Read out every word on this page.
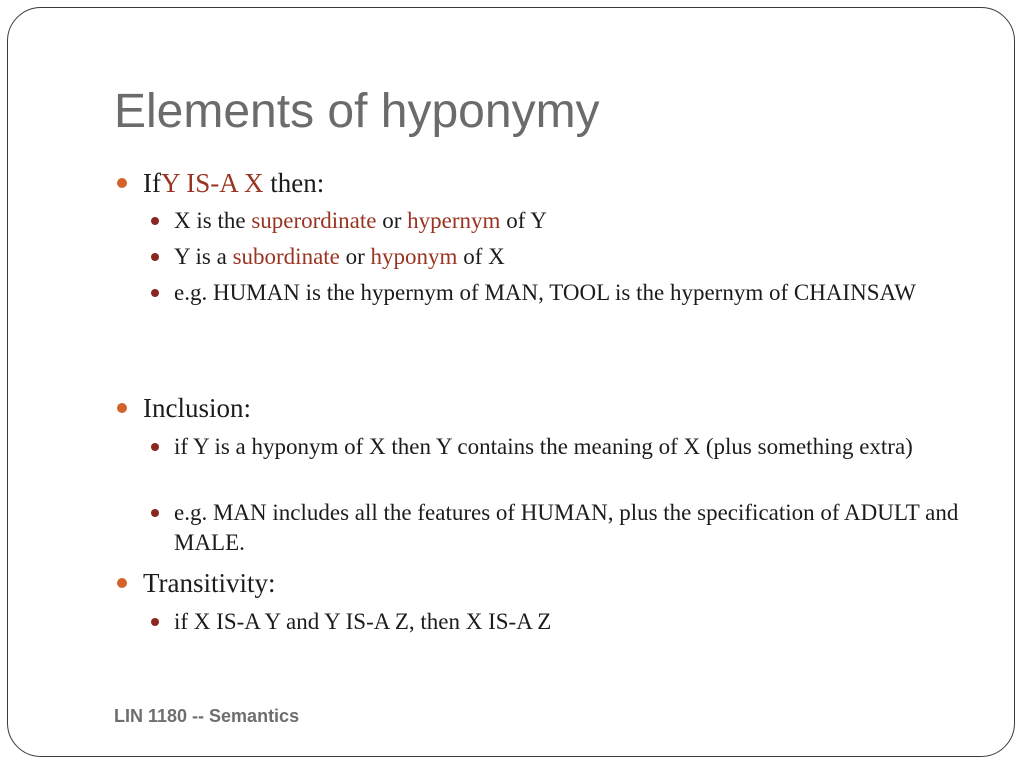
Elements of hyponymy
IfY IS-A X then:
X is the superordinate or hypernym of Y
Y is a subordinate or hyponym of X
e.g. HUMAN is the hypernym of MAN, TOOL is the hypernym of CHAINSAW
Inclusion:
if Y is a hyponym of X then Y contains the meaning of X (plus something extra)
e.g. MAN includes all the features of HUMAN, plus the specification of ADULT and MALE.
Transitivity:
if X IS-A Y and Y IS-A Z, then X IS-A Z
LIN 1180 -- Semantics
